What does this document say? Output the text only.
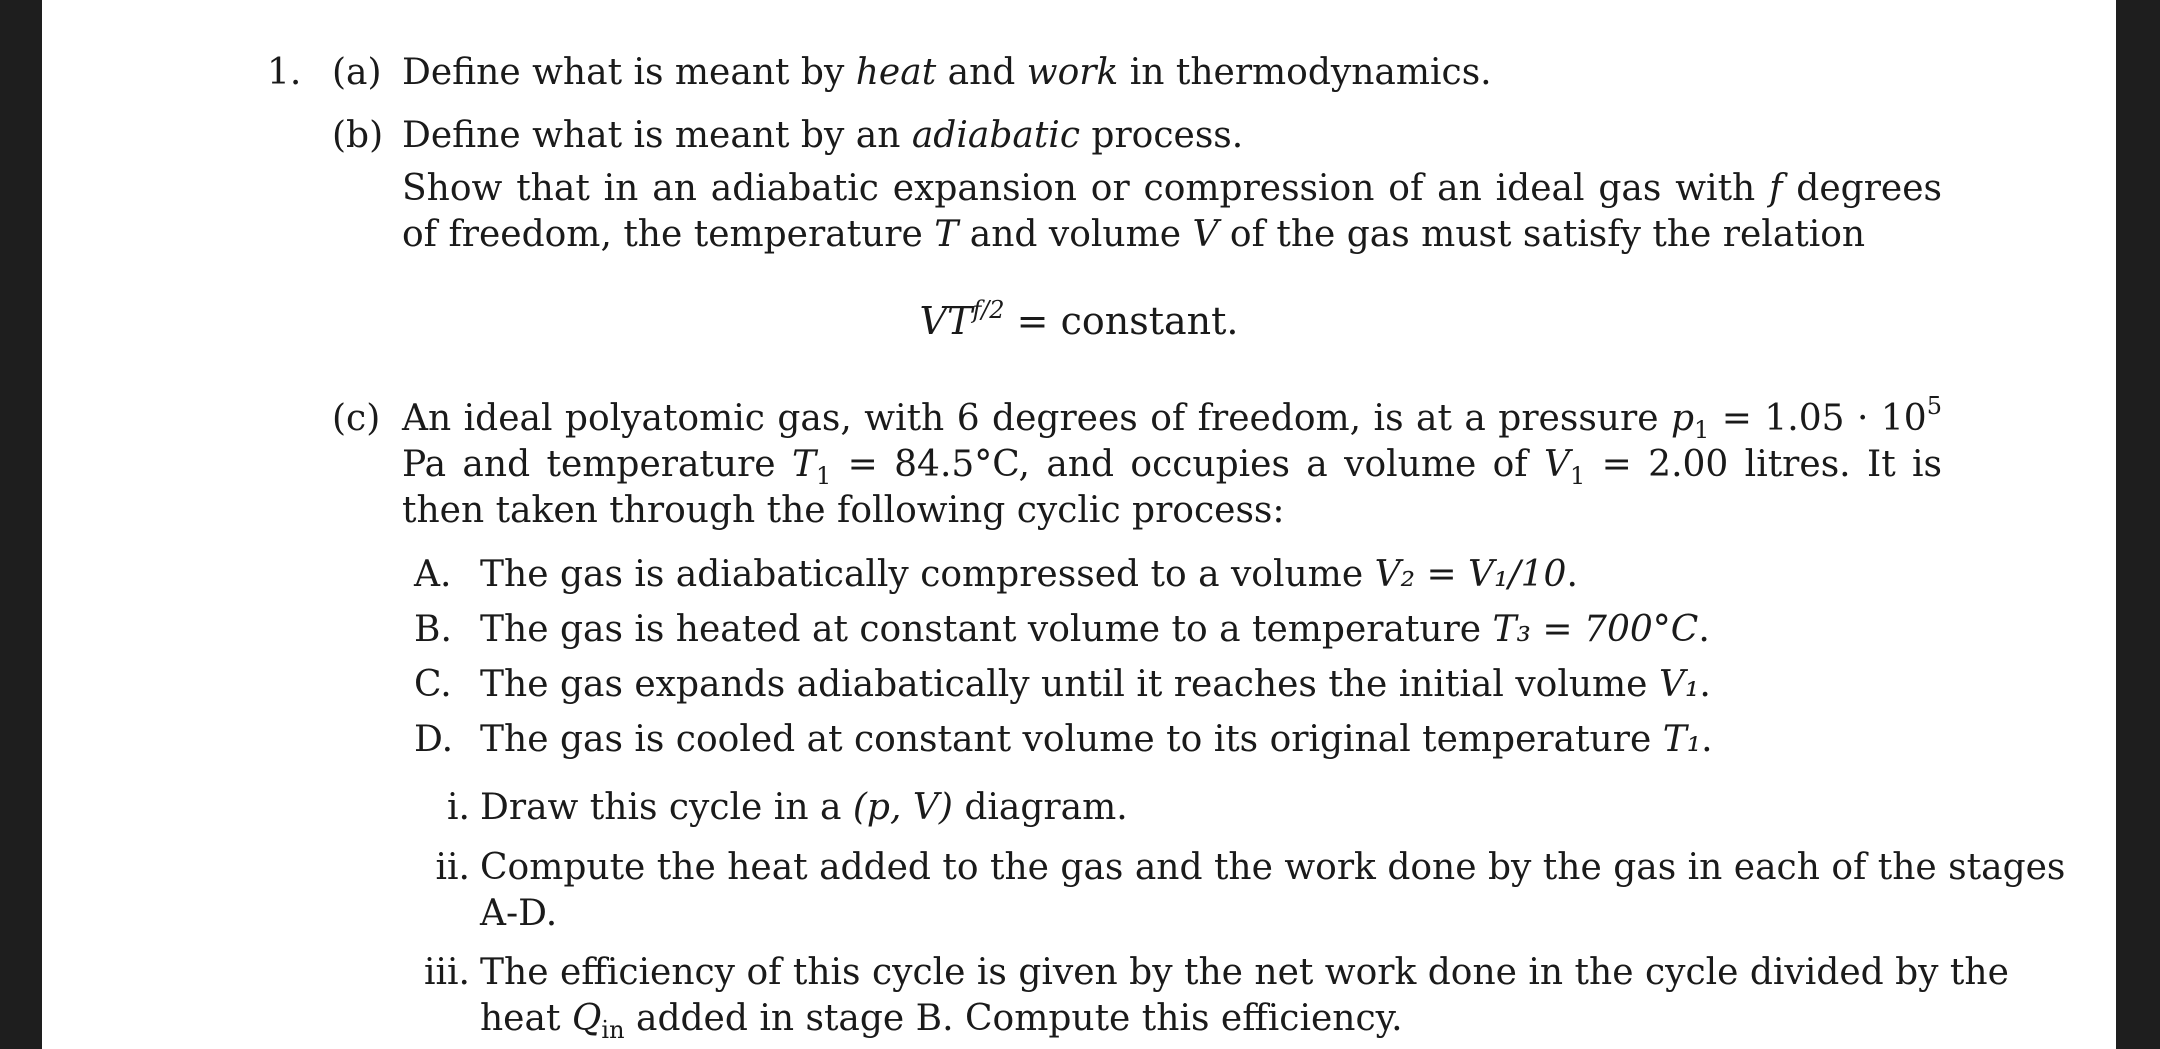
1. (a) Define what is meant by heat and work in thermodynamics.
(b) Define what is meant by an adiabatic process.
Show that in an adiabatic expansion or compression of an ideal gas with f degrees of freedom, the temperature T and volume V of the gas must satisfy the relation
$VT^{f/2}$ = constant.
(c) An ideal polyatomic gas, with 6 degrees of freedom, is at a pressure $p_1 = 1.05 \cdot 10^5$ Pa and temperature $T_1 = 84.5^\circ C$, and occupies a volume of $V_1 = 2.00$ litres. It is then taken through the following cyclic process:
A. The gas is adiabatically compressed to a volume V₂ = V₁/10.
B. The gas is heated at constant volume to a temperature T₃ = 700°C.
C. The gas expands adiabatically until it reaches the initial volume V₁.
D. The gas is cooled at constant volume to its original temperature T₁.
i. Draw this cycle in a (p, V) diagram.
ii. Compute the heat added to the gas and the work done by the gas in each of the stages
A-D.
iii. The efficiency of this cycle is given by the net work done in the cycle divided by the
heat $Q_{in}$ added in stage B. Compute this efficiency.
